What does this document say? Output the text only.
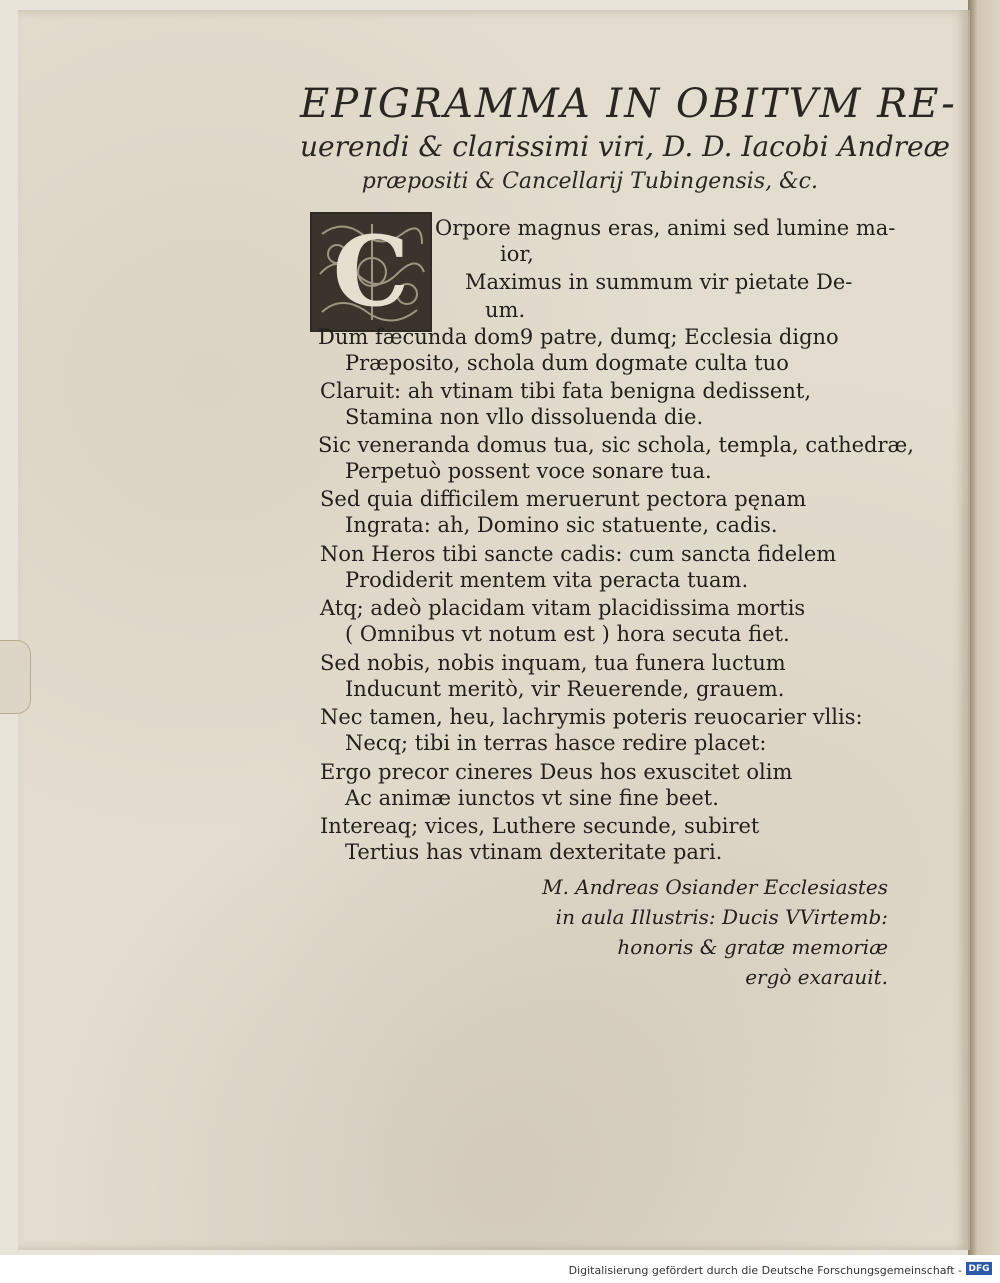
EPIGRAMMA IN OBITVM RE-
uerendi & clarissimi viri, D. D. Iacobi Andreæ
præpositi & Cancellarij Tubingensis, &c.
C Orpore magnus eras, animi sed lumine ma-
ior,
Maximus in summum vir pietate De-
um.
Dum fæcunda dom9 patre, dumq; Ecclesia digno
Præposito, schola dum dogmate culta tuo
Claruit: ah vtinam tibi fata benigna dedissent,
Stamina non vllo dissoluenda die.
Sic veneranda domus tua, sic schola, templa, cathedræ,
Perpetuò possent voce sonare tua.
Sed quia difficilem meruerunt pectora pęnam
Ingrata: ah, Domino sic statuente, cadis.
Non Heros tibi sancte cadis: cum sancta fidelem
Prodiderit mentem vita peracta tuam.
Atq; adeò placidam vitam placidissima mortis
( Omnibus vt notum est ) hora secuta fiet.
Sed nobis, nobis inquam, tua funera luctum
Inducunt meritò, vir Reuerende, grauem.
Nec tamen, heu, lachrymis poteris reuocarier vllis:
Necq; tibi in terras hasce redire placet:
Ergo precor cineres Deus hos exuscitet olim
Ac animæ iunctos vt sine fine beet.
Intereaq; vices, Luthere secunde, subiret
Tertius has vtinam dexteritate pari.
M. Andreas Osiander Ecclesiastes
in aula Illustris: Ducis VVirtemb:
honoris & gratæ memoriæ
ergò exarauit.
Digitalisierung gefördert durch die Deutsche Forschungsgemeinschaft - DFG
